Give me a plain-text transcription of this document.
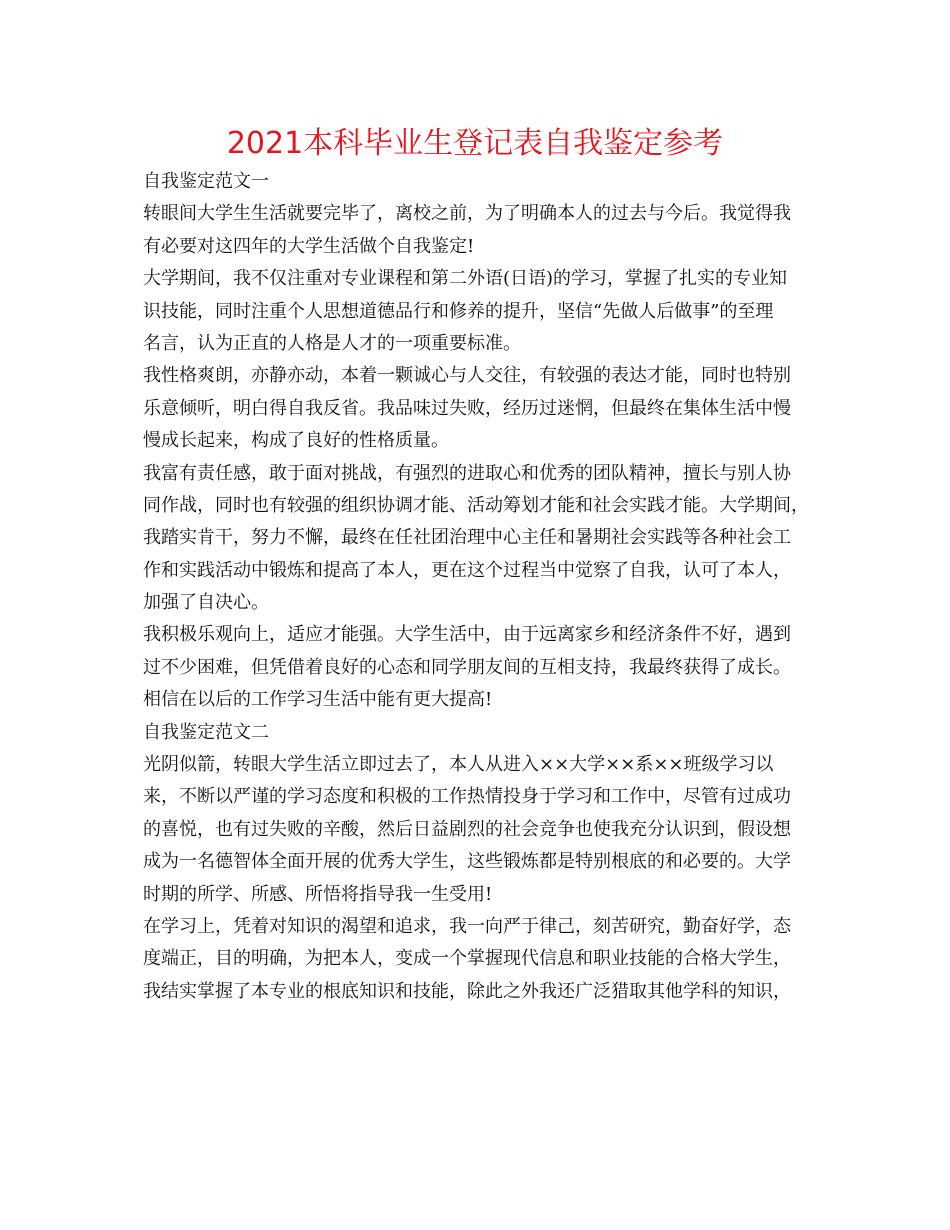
2021本科毕业生登记表自我鉴定参考
自我鉴定范文一
转眼间大学生生活就要完毕了，离校之前，为了明确本人的过去与今后。我觉得我
有必要对这四年的大学生活做个自我鉴定!
大学期间，我不仅注重对专业课程和第二外语(日语)的学习，掌握了扎实的专业知
识技能，同时注重个人思想道德品行和修养的提升，坚信“先做人后做事”的至理
名言，认为正直的人格是人才的一项重要标准。
我性格爽朗，亦静亦动，本着一颗诚心与人交往，有较强的表达才能，同时也特别
乐意倾听，明白得自我反省。我品味过失败，经历过迷惘，但最终在集体生活中慢
慢成长起来，构成了良好的性格质量。
我富有责任感，敢于面对挑战，有强烈的进取心和优秀的团队精神，擅长与别人协
同作战，同时也有较强的组织协调才能、活动筹划才能和社会实践才能。大学期间，
我踏实肯干，努力不懈，最终在任社团治理中心主任和暑期社会实践等各种社会工
作和实践活动中锻炼和提高了本人，更在这个过程当中觉察了自我，认可了本人，
加强了自决心。
我积极乐观向上，适应才能强。大学生活中，由于远离家乡和经济条件不好，遇到
过不少困难，但凭借着良好的心态和同学朋友间的互相支持，我最终获得了成长。
相信在以后的工作学习生活中能有更大提高!
自我鉴定范文二
光阴似箭，转眼大学生活立即过去了，本人从进入××大学××系××班级学习以
来，不断以严谨的学习态度和积极的工作热情投身于学习和工作中，尽管有过成功
的喜悦，也有过失败的辛酸，然后日益剧烈的社会竞争也使我充分认识到，假设想
成为一名德智体全面开展的优秀大学生，这些锻炼都是特别根底的和必要的。大学
时期的所学、所感、所悟将指导我一生受用!
在学习上，凭着对知识的渴望和追求，我一向严于律己，刻苦研究，勤奋好学，态
度端正，目的明确，为把本人，变成一个掌握现代信息和职业技能的合格大学生，
我结实掌握了本专业的根底知识和技能，除此之外我还广泛猎取其他学科的知识，
